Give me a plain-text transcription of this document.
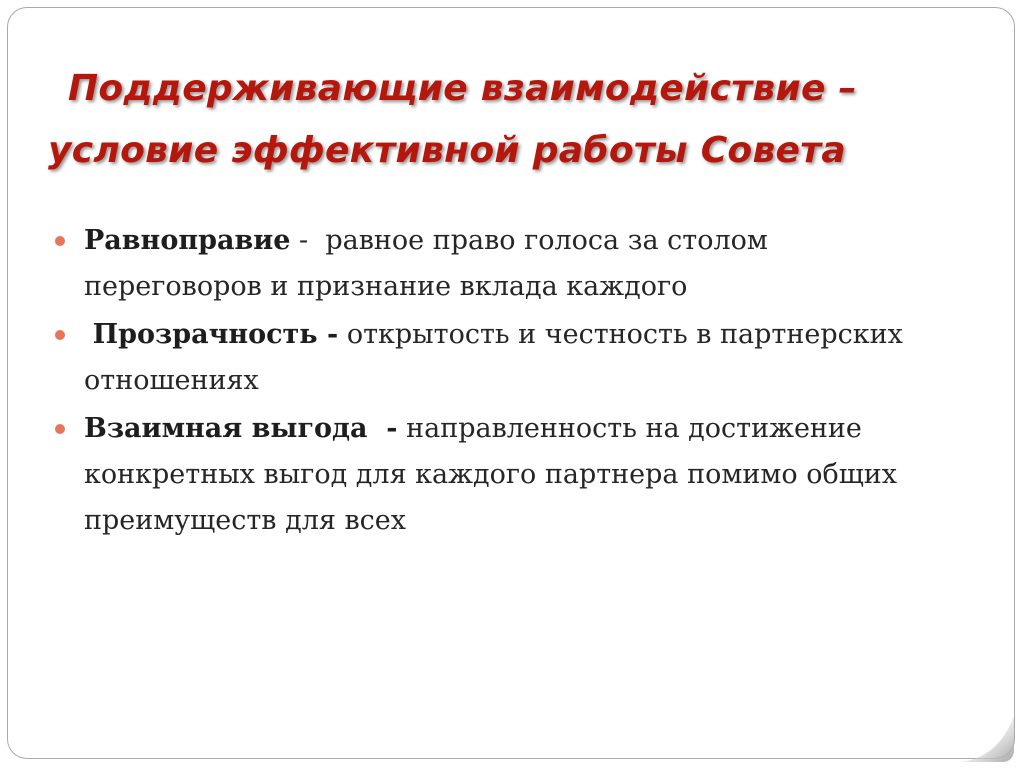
Поддерживающие взаимодействие –
условие эффективной работы Совета
Равноправие -  равное право голоса за столом переговоров и признание вклада каждого
Прозрачность - открытость и честность в партнерских отношениях
Взаимная выгода  - направленность на достижение конкретных выгод для каждого партнера помимо общих преимуществ для всех
